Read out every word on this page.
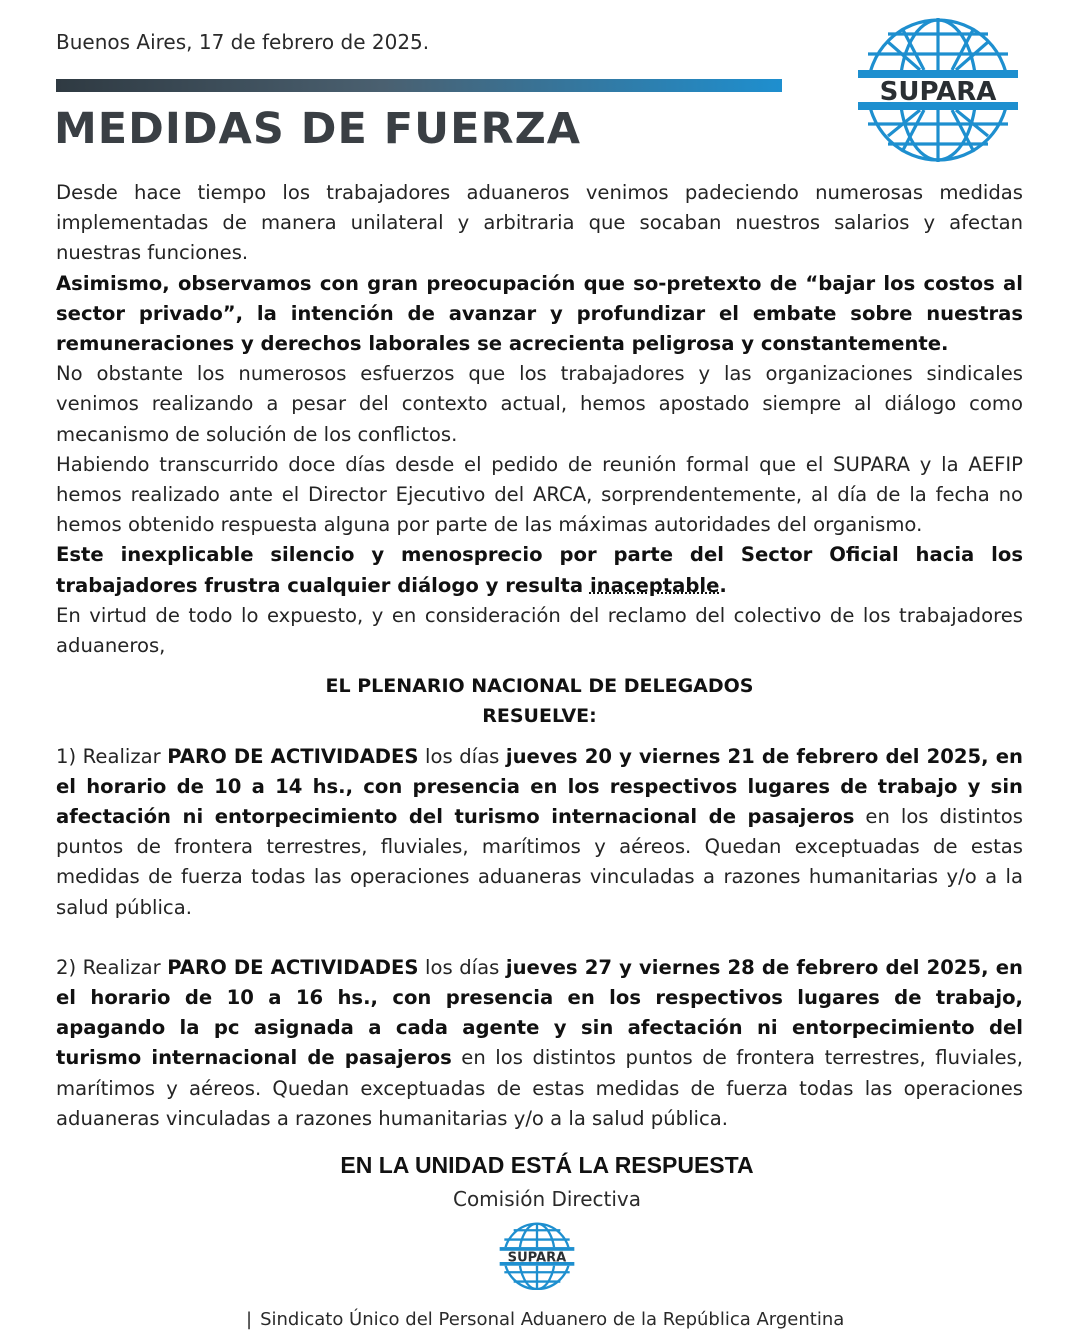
Buenos Aires, 17 de febrero de 2025.
MEDIDAS DE FUERZA
SUPARA

Desde hace tiempo los trabajadores aduaneros venimos padeciendo numerosas medidas implementadas de manera unilateral y arbitraria que socaban nuestros salarios y afectan nuestras funciones.

Asimismo, observamos con gran preocupación que so-pretexto de “bajar los costos al sector privado”, la intención de avanzar y profundizar el embate sobre nuestras remuneraciones y derechos laborales se acrecienta peligrosa y constantemente.

No obstante los numerosos esfuerzos que los trabajadores y las organizaciones sindicales venimos realizando a pesar del contexto actual, hemos apostado siempre al diálogo como mecanismo de solución de los conflictos.

Habiendo transcurrido doce días desde el pedido de reunión formal que el SUPARA y la AEFIP hemos realizado ante el Director Ejecutivo del ARCA, sorprendentemente, al día de la fecha no hemos obtenido respuesta alguna por parte de las máximas autoridades del organismo.

Este inexplicable silencio y menosprecio por parte del Sector Oficial hacia los trabajadores frustra cualquier diálogo y resulta inaceptable.

En virtud de todo lo expuesto, y en consideración del reclamo del colectivo de los trabajadores aduaneros,

EL PLENARIO NACIONAL DE DELEGADOS

RESUELVE:

1) Realizar PARO DE ACTIVIDADES los días jueves 20 y viernes 21 de febrero del 2025, en el horario de 10 a 14 hs., con presencia en los respectivos lugares de trabajo y sin afectación ni entorpecimiento del turismo internacional de pasajeros en los distintos puntos de frontera terrestres, fluviales, marítimos y aéreos. Quedan exceptuadas de estas medidas de fuerza todas las operaciones aduaneras vinculadas a razones humanitarias y/o a la salud pública.

2) Realizar PARO DE ACTIVIDADES los días jueves 27 y viernes 28 de febrero del 2025, en el horario de 10 a 16 hs., con presencia en los respectivos lugares de trabajo, apagando la pc asignada a cada agente y sin afectación ni entorpecimiento del turismo internacional de pasajeros en los distintos puntos de frontera terrestres, fluviales, marítimos y aéreos. Quedan exceptuadas de estas medidas de fuerza todas las operaciones aduaneras vinculadas a razones humanitarias y/o a la salud pública.

EN LA UNIDAD ESTÁ LA RESPUESTA
Comisión Directiva
SUPARA
| Sindicato Único del Personal Aduanero de la República Argentina
